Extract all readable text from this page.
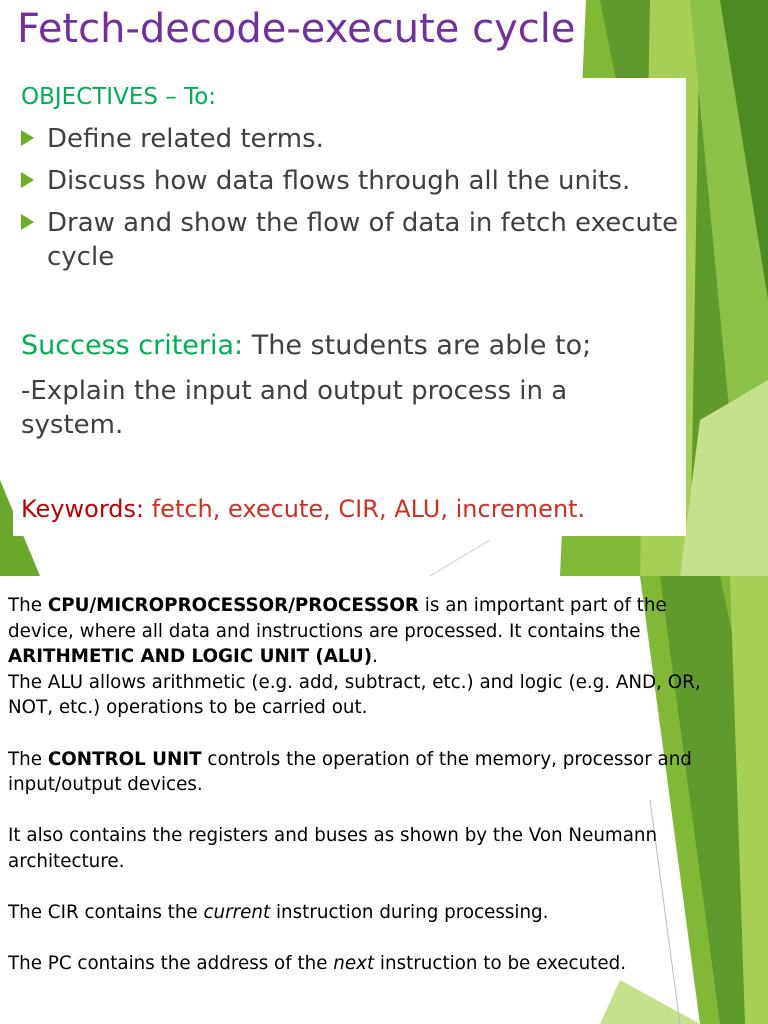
Fetch-decode-execute cycle
OBJECTIVES – To:
Define related terms.
Discuss how data flows through all the units.
Draw and show the flow of data in fetch execute cycle

Success criteria: The students are able to;

-Explain the input and output process in a system.

Keywords: fetch, execute, CIR, ALU, increment.

The CPU/MICROPROCESSOR/PROCESSOR is an important part of the device, where all data and instructions are processed. It contains the ARITHMETIC AND LOGIC UNIT (ALU).
The ALU allows arithmetic (e.g. add, subtract, etc.) and logic (e.g. AND, OR, NOT, etc.) operations to be carried out.

The CONTROL UNIT controls the operation of the memory, processor and input/output devices.

It also contains the registers and buses as shown by the Von Neumann architecture.

The CIR contains the current instruction during processing.

The PC contains the address of the next instruction to be executed.
